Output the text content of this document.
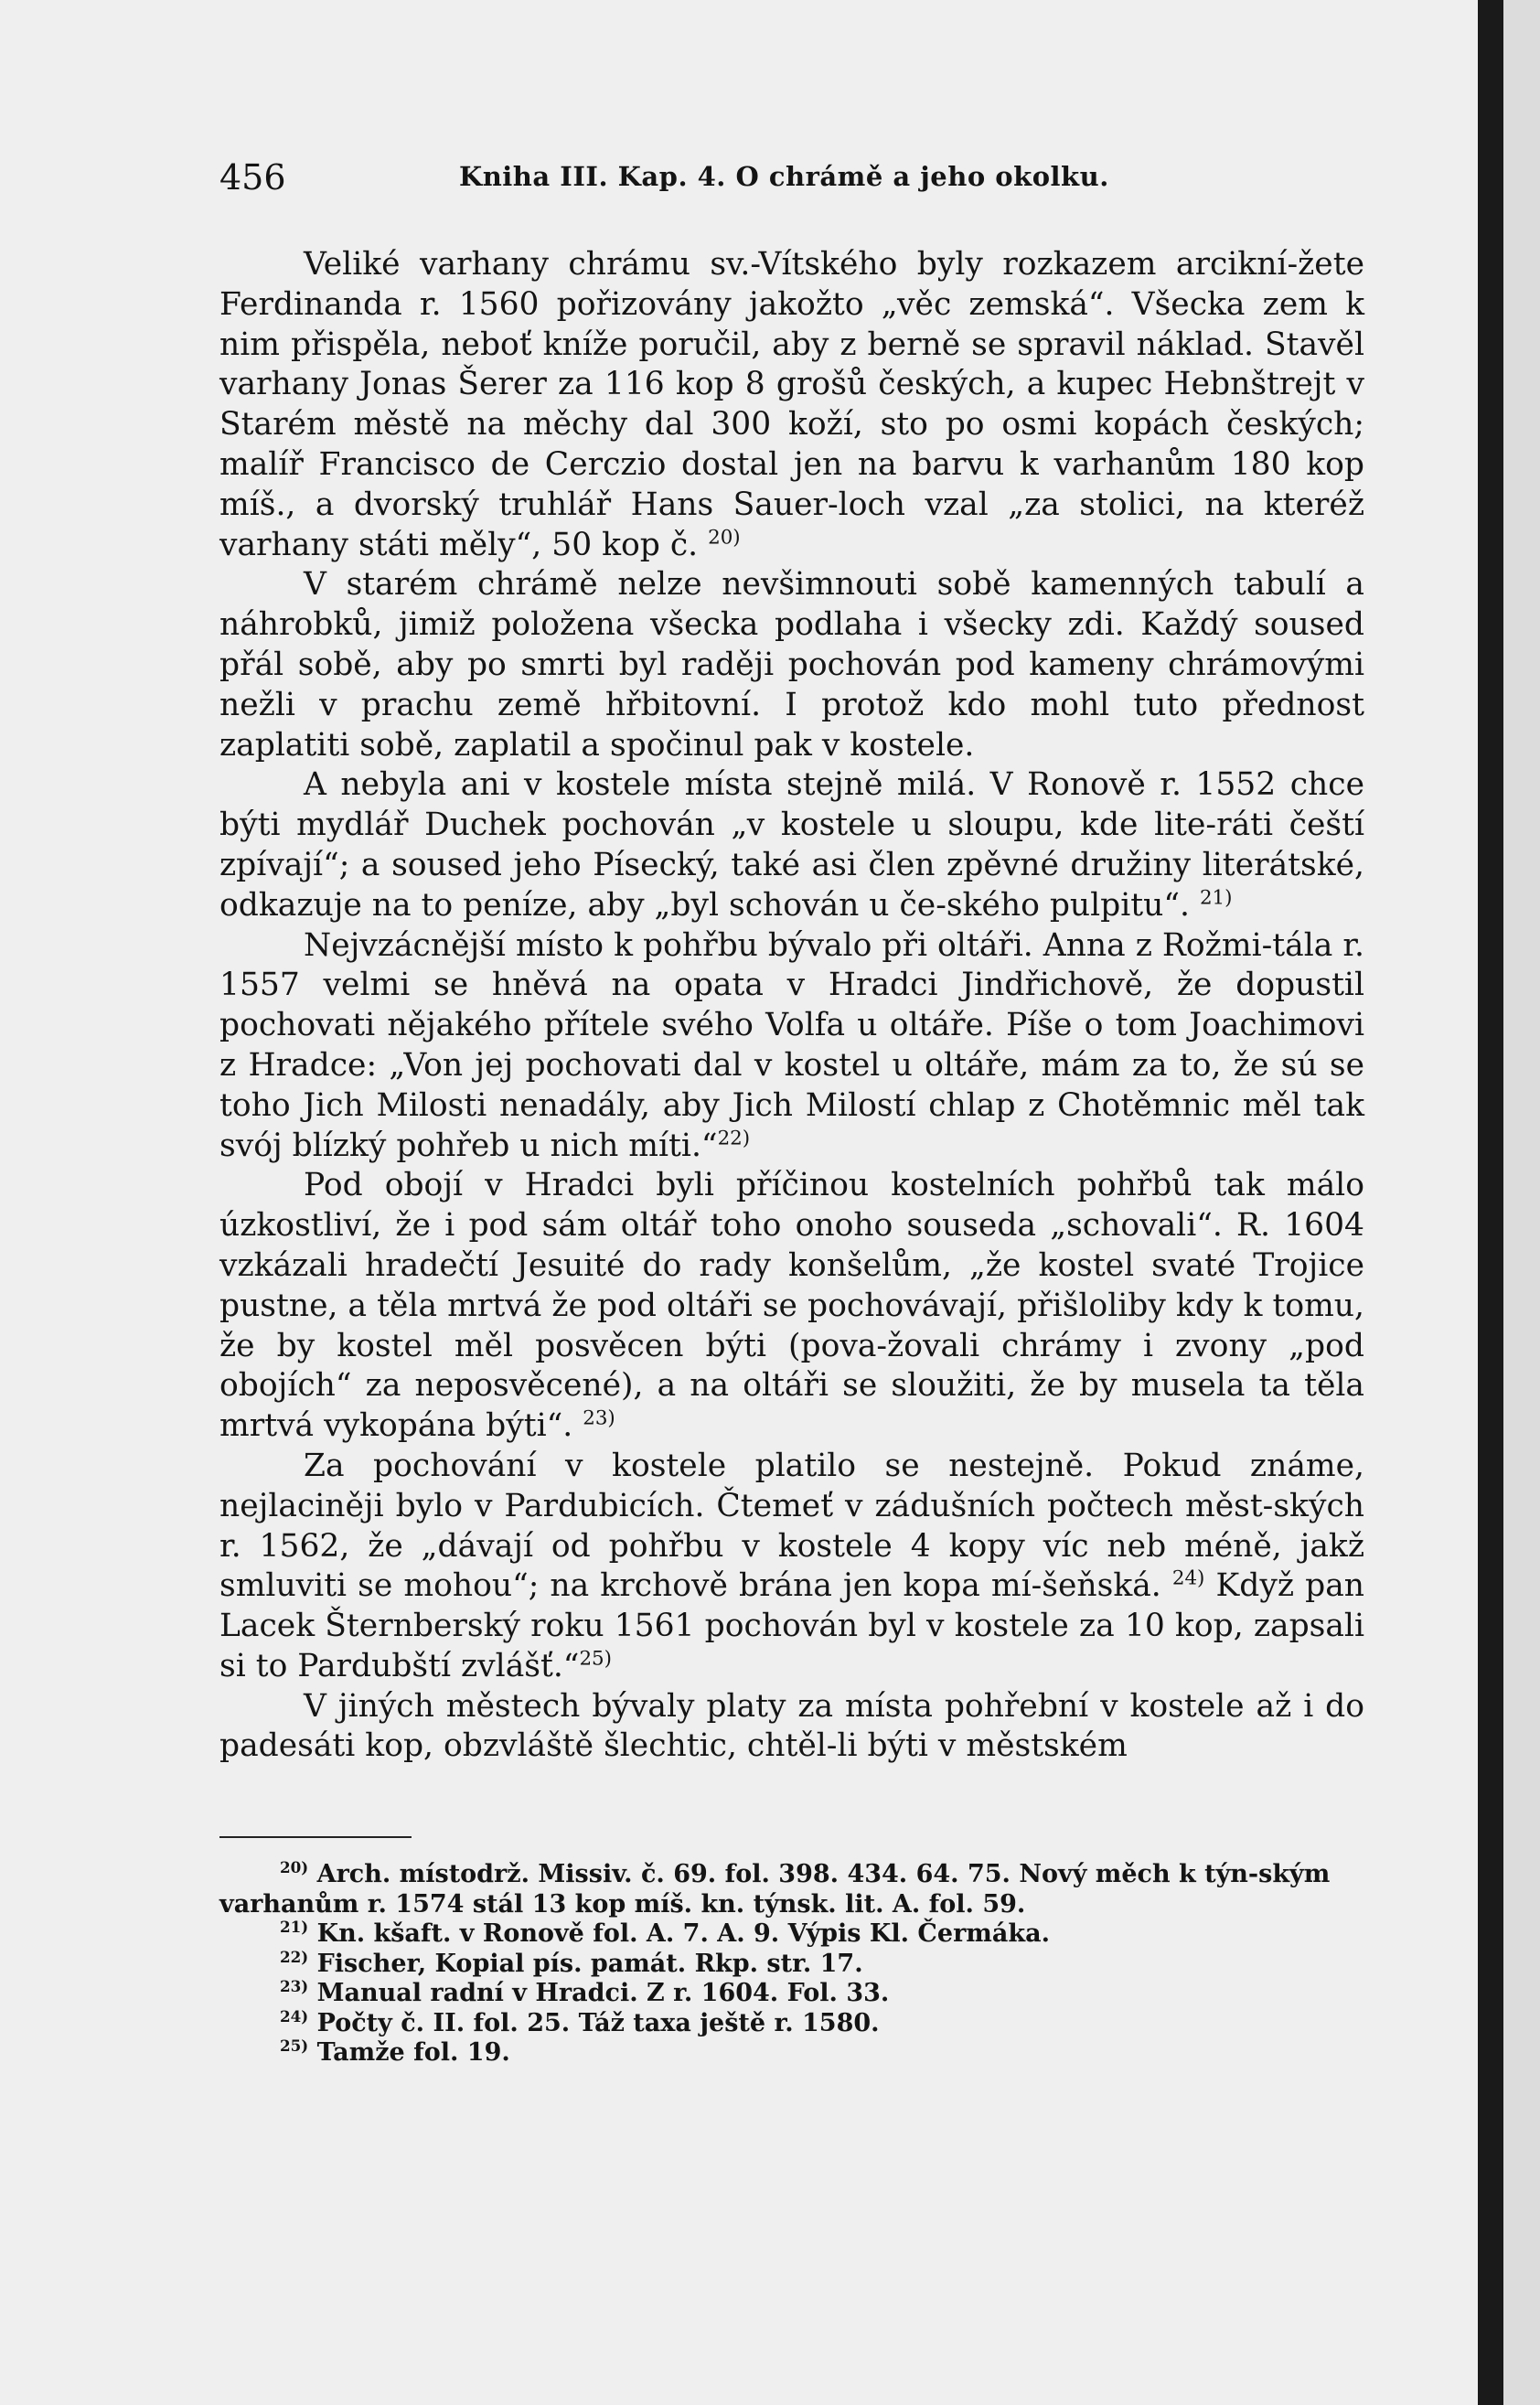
456	Kniha III. Kap. 4. O chrámě a jeho okolku.

Veliké varhany chrámu sv.-Vítského byly rozkazem arcikní-žete Ferdinanda r. 1560 pořizovány jakožto „věc zemská“. Všecka zem k nim přispěla, neboť kníže poručil, aby z berně se spravil náklad. Stavěl varhany Jonas Šerer za 116 kop 8 grošů českých, a kupec Hebnštrejt v Starém městě na měchy dal 300 koží, sto po osmi kopách českých; malíř Francisco de Cerczio dostal jen na barvu k varhanům 180 kop míš., a dvorský truhlář Hans Sauer-loch vzal „za stolici, na kteréž varhany státi měly“, 50 kop č. $^{20)}$

V starém chrámě nelze nevšimnouti sobě kamenných tabulí a náhrobků, jimiž položena všecka podlaha i všecky zdi. Každý soused přál sobě, aby po smrti byl raději pochován pod kameny chrámovými nežli v prachu země hřbitovní. I protož kdo mohl tuto přednost zaplatiti sobě, zaplatil a spočinul pak v kostele.

A nebyla ani v kostele místa stejně milá. V Ronově r. 1552 chce býti mydlář Duchek pochován „v kostele u sloupu, kde lite-ráti čeští zpívají“; a soused jeho Písecký, také asi člen zpěvné družiny literátské, odkazuje na to peníze, aby „byl schován u če-ského pulpitu“. $^{21)}$

Nejvzácnější místo k pohřbu bývalo při oltáři. Anna z Rožmi-tála r. 1557 velmi se hněvá na opata v Hradci Jindřichově, že dopustil pochovati nějakého přítele svého Volfa u oltáře. Píše o tom Joachimovi z Hradce: „Von jej pochovati dal v kostel u oltáře, mám za to, že sú se toho Jich Milosti nenadály, aby Jich Milostí chlap z Chotěmnic měl tak svój blízký pohřeb u nich míti.“$^{22)}$

Pod obojí v Hradci byli příčinou kostelních pohřbů tak málo úzkostliví, že i pod sám oltář toho onoho souseda „schovali“. R. 1604 vzkázali hradečtí Jesuité do rady konšelům, „že kostel svaté Trojice pustne, a těla mrtvá že pod oltáři se pochovávají, přišloliby kdy k tomu, že by kostel měl posvěcen býti (pova-žovali chrámy i zvony „pod obojích“ za neposvěcené), a na oltáři se sloužiti, že by musela ta těla mrtvá vykopána býti“. $^{23)}$

Za pochování v kostele platilo se nestejně. Pokud známe, nejlaciněji bylo v Pardubicích. Čtemeť v zádušních počtech měst-ských r. 1562, že „dávají od pohřbu v kostele 4 kopy víc neb méně, jakž smluviti se mohou“; na krchově brána jen kopa mí-šeňská. $^{24)}$ Když pan Lacek Šternberský roku 1561 pochován byl v kostele za 10 kop, zapsali si to Pardubští zvlášť.“$^{25)}$

V jiných městech bývaly platy za místa pohřební v kostele až i do padesáti kop, obzvláště šlechtic, chtěl-li býti v městském

$^{20)}$ Arch. místodrž. Missiv. č. 69. fol. 398. 434. 64. 75. Nový měch k týn-ským varhanům r. 1574 stál 13 kop míš. kn. týnsk. lit. A. fol. 59.
$^{21)}$ Kn. kšaft. v Ronově fol. A. 7. A. 9. Výpis Kl. Čermáka.
$^{22)}$ Fischer, Kopial pís. památ. Rkp. str. 17.
$^{23)}$ Manual radní v Hradci. Z r. 1604. Fol. 33.
$^{24)}$ Počty č. II. fol. 25. Táž taxa ještě r. 1580.
$^{25)}$ Tamže fol. 19.
